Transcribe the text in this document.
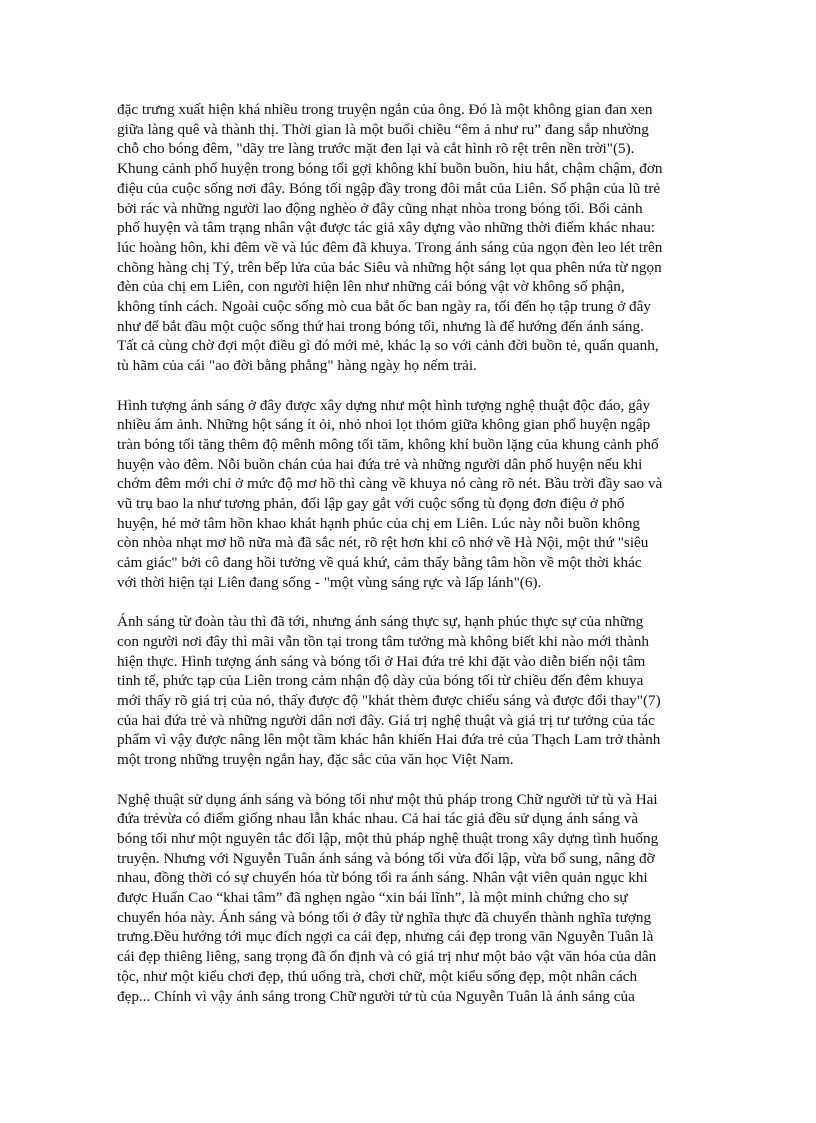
đặc trưng xuất hiện khá nhiều trong truyện ngắn của ông. Đó là một không gian đan xen
giữa làng quê và thành thị. Thời gian là một buổi chiều “êm ả như ru” đang sắp nhường
chỗ cho bóng đêm, "dãy tre làng trước mặt đen lại và cắt hình rõ rệt trên nền trời"(5).
Khung cảnh phố huyện trong bóng tối gợi không khí buồn buồn, hiu hắt, chậm chậm, đơn
điệu của cuộc sống nơi đây. Bóng tối ngập đầy trong đôi mắt của Liên. Số phận của lũ trẻ
bởi rác và những người lao động nghèo ở đây cũng nhạt nhòa trong bóng tối. Bối cảnh
phố huyện và tâm trạng nhân vật được tác giả xây dựng vào những thời điểm khác nhau:
lúc hoàng hôn, khi đêm về và lúc đêm đã khuya. Trong ánh sáng của ngọn đèn leo lét trên
chõng hàng chị Tý, trên bếp lửa của bác Siêu và những hột sáng lọt qua phên nứa từ ngọn
đèn của chị em Liên, con người hiện lên như những cái bóng vật vờ không số phận,
không tính cách. Ngoài cuộc sống mò cua bắt ốc ban ngày ra, tối đến họ tập trung ở đây
như để bắt đầu một cuộc sống thứ hai trong bóng tối, nhưng là để hướng đến ánh sáng.
Tất cả cùng chờ đợi một điều gì đó mới mẻ, khác lạ so với cảnh đời buồn tẻ, quẩn quanh,
tù hãm của cái "ao đời bằng phẳng" hàng ngày họ nếm trải.
Hình tượng ánh sáng ở đây được xây dựng như một hình tượng nghệ thuật độc đáo, gây
nhiều ám ảnh. Những hột sáng ít ỏi, nhỏ nhoi lọt thỏm giữa không gian phố huyện ngập
tràn bóng tối tăng thêm độ mênh mông tối tăm, không khí buồn lặng của khung cảnh phố
huyện vào đêm. Nỗi buồn chán của hai đứa trẻ và những người dân phố huyện nếu khi
chớm đêm mới chỉ ở mức độ mơ hồ thì càng về khuya nó càng rõ nét. Bầu trời đầy sao và
vũ trụ bao la như tương phản, đối lập gay gắt với cuộc sống tù đọng đơn điệu ở phố
huyện, hé mở tâm hồn khao khát hạnh phúc của chị em Liên. Lúc này nỗi buồn không
còn nhòa nhạt mơ hồ nữa mà đã sắc nét, rõ rệt hơn khi cô nhớ về Hà Nội, một thứ "siêu
cảm giác" bởi cô đang hồi tưởng về quá khứ, cảm thấy bằng tâm hồn về một thời khác
với thời hiện tại Liên đang sống - "một vùng sáng rực và lấp lánh"(6).
Ánh sáng từ đoàn tàu thì đã tới, nhưng ánh sáng thực sự, hạnh phúc thực sự của những
con người nơi đây thì mãi vẫn tồn tại trong tâm tưởng mà không biết khi nào mới thành
hiện thực. Hình tượng ánh sáng và bóng tối ở Hai đứa trẻ khi đặt vào diễn biến nội tâm
tinh tế, phức tạp của Liên trong cảm nhận độ dày của bóng tối từ chiều đến đêm khuya
mới thấy rõ giá trị của nó, thấy được độ "khát thèm được chiếu sáng và được đổi thay"(7)
của hai đứa trẻ và những người dân nơi đây. Giá trị nghệ thuật và giá trị tư tưởng của tác
phẩm vì vậy được nâng lên một tầm khác hẳn khiến Hai đứa trẻ của Thạch Lam trở thành
một trong những truyện ngắn hay, đặc sắc của văn học Việt Nam.
Nghệ thuật sử dụng ánh sáng và bóng tối như một thủ pháp trong Chữ người tử tù và Hai
đứa trẻvừa có điểm giống nhau lẫn khác nhau. Cả hai tác giả đều sử dụng ánh sáng và
bóng tối như một nguyên tắc đối lập, một thủ pháp nghệ thuật trong xây dựng tình huống
truyện. Nhưng với Nguyễn Tuân ánh sáng và bóng tối vừa đối lập, vừa bổ sung, nâng đỡ
nhau, đồng thời có sự chuyển hóa từ bóng tối ra ánh sáng. Nhân vật viên quản ngục khi
được Huấn Cao “khai tâm” đã nghẹn ngào “xin bái lĩnh”, là một minh chứng cho sự
chuyển hóa này. Ánh sáng và bóng tối ở đây từ nghĩa thực đã chuyển thành nghĩa tượng
trưng.Đều hướng tới mục đích ngợi ca cái đẹp, nhưng cái đẹp trong văn Nguyễn Tuân là
cái đẹp thiêng liêng, sang trọng đã ổn định và có giá trị như một bảo vật văn hóa của dân
tộc, như một kiểu chơi đẹp, thú uống trà, chơi chữ, một kiểu sống đẹp, một nhân cách
đẹp... Chính vì vậy ánh sáng trong Chữ người tử tù của Nguyễn Tuân là ánh sáng của
